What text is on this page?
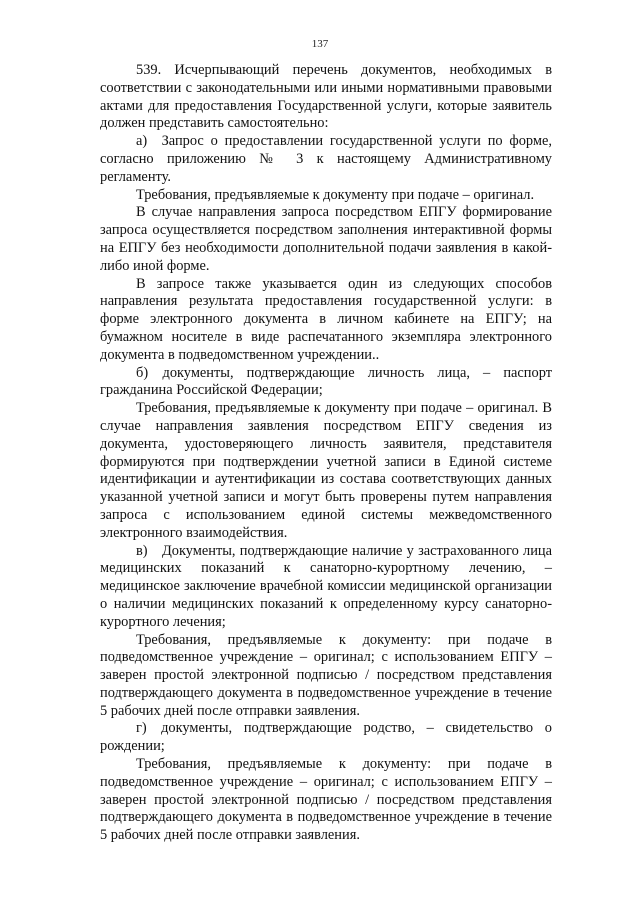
137

539. Исчерпывающий перечень документов, необходимых в соответствии с законодательными или иными нормативными правовыми актами для предоставления Государственной услуги, которые заявитель должен представить самостоятельно:

а) Запрос о предоставлении государственной услуги по форме, согласно приложению № 3 к настоящему Административному регламенту.

Требования, предъявляемые к документу при подаче – оригинал.

В случае направления запроса посредством ЕПГУ формирование запроса осуществляется посредством заполнения интерактивной формы на ЕПГУ без необходимости дополнительной подачи заявления в какой-либо иной форме.

В запросе также указывается один из следующих способов направления результата предоставления государственной услуги: в форме электронного документа в личном кабинете на ЕПГУ; на бумажном носителе в виде распечатанного экземпляра электронного документа в подведомственном учреждении..

б) документы, подтверждающие личность лица, – паспорт гражданина Российской Федерации;

Требования, предъявляемые к документу при подаче – оригинал. В случае направления заявления посредством ЕПГУ сведения из документа, удостоверяющего личность заявителя, представителя формируются при подтверждении учетной записи в Единой системе идентификации и аутентификации из состава соответствующих данных указанной учетной записи и могут быть проверены путем направления запроса с использованием единой системы межведомственного электронного взаимодействия.

в) Документы, подтверждающие наличие у застрахованного лица медицинских показаний к санаторно-курортному лечению, – медицинское заключение врачебной комиссии медицинской организации о наличии медицинских показаний к определенному курсу санаторно-курортного лечения;

Требования, предъявляемые к документу: при подаче в подведомственное учреждение – оригинал; с использованием ЕПГУ – заверен простой электронной подписью / посредством представления подтверждающего документа в подведомственное учреждение в течение 5 рабочих дней после отправки заявления.

г) документы, подтверждающие родство, – свидетельство о рождении;

Требования, предъявляемые к документу: при подаче в подведомственное учреждение – оригинал; с использованием ЕПГУ – заверен простой электронной подписью / посредством представления подтверждающего документа в подведомственное учреждение в течение 5 рабочих дней после отправки заявления.
